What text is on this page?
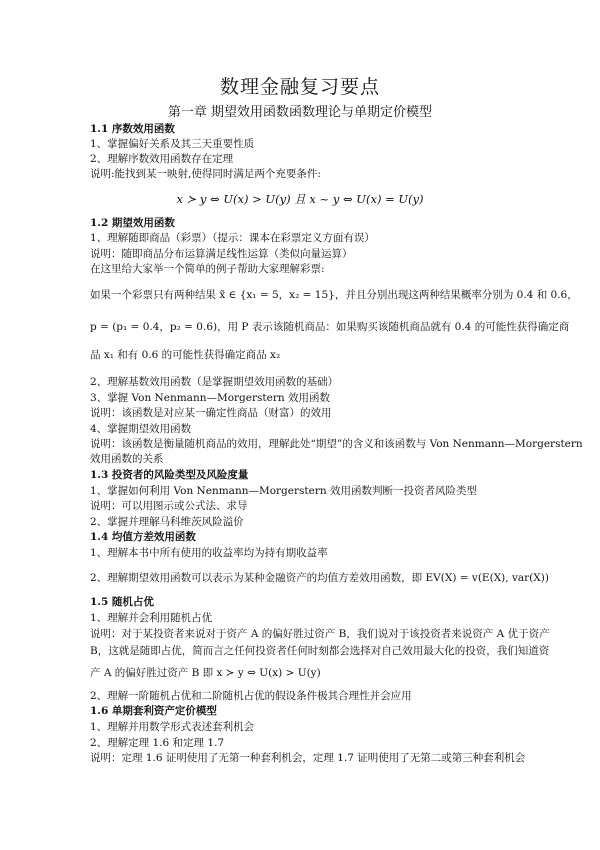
数理金融复习要点
第一章 期望效用函数函数理论与单期定价模型
1.1 序数效用函数
1、掌握偏好关系及其三天重要性质
2、理解序数效用函数存在定理
说明:能找到某一映射,使得同时满足两个充要条件:
x ≻ y ⇔ U(x) > U(y) 且 x ~ y ⇔ U(x) = U(y)
1.2 期望效用函数
1、理解随即商品（彩票）（提示：课本在彩票定义方面有误）
说明：随即商品分布运算满足线性运算（类似向量运算）
在这里给大家举一个简单的例子帮助大家理解彩票:
如果一个彩票只有两种结果 x̃ ∈ {x₁ = 5，x₂ = 15}，并且分别出现这两种结果概率分别为 0.4 和 0.6，
p = (p₁ = 0.4，p₂ = 0.6)，用 P 表示该随机商品：如果购买该随机商品就有 0.4 的可能性获得确定商
品 x₁ 和有 0.6 的可能性获得确定商品 x₂
2、理解基数效用函数（是掌握期望效用函数的基础）
3、掌握 Von Nenmann—Morgerstern 效用函数
说明：该函数是对应某一确定性商品（财富）的效用
4、掌握期望效用函数
说明：该函数是衡量随机商品的效用，理解此处“期望”的含义和该函数与 Von Nenmann—Morgerstern
效用函数的关系
1.3 投资者的风险类型及风险度量
1、掌握如何利用 Von Nenmann—Morgerstern 效用函数判断一投资者风险类型
说明：可以用图示或公式法、求导
2、掌握并理解马科维茨风险溢价
1.4 均值方差效用函数
1、理解本书中所有使用的收益率均为持有期收益率
2、理解期望效用函数可以表示为某种金融资产的均值方差效用函数，即 EV(X) = v(E(X), var(X))
1.5 随机占优
1、理解并会利用随机占优
说明：对于某投资者来说对于资产 A 的偏好胜过资产 B，我们说对于该投资者来说资产 A 优于资产
B，这就是随即占优，简而言之任何投资者任何时刻都会选择对自己效用最大化的投资，我们知道资
产 A 的偏好胜过资产 B 即 x ≻ y ⇔ U(x) > U(y)
2、理解一阶随机占优和二阶随机占优的假设条件极其合理性并会应用
1.6 单期套利资产定价模型
1、理解并用数学形式表述套利机会
2、理解定理 1.6 和定理 1.7
说明：定理 1.6 证明使用了无第一种套利机会，定理 1.7 证明使用了无第二或第三种套利机会
